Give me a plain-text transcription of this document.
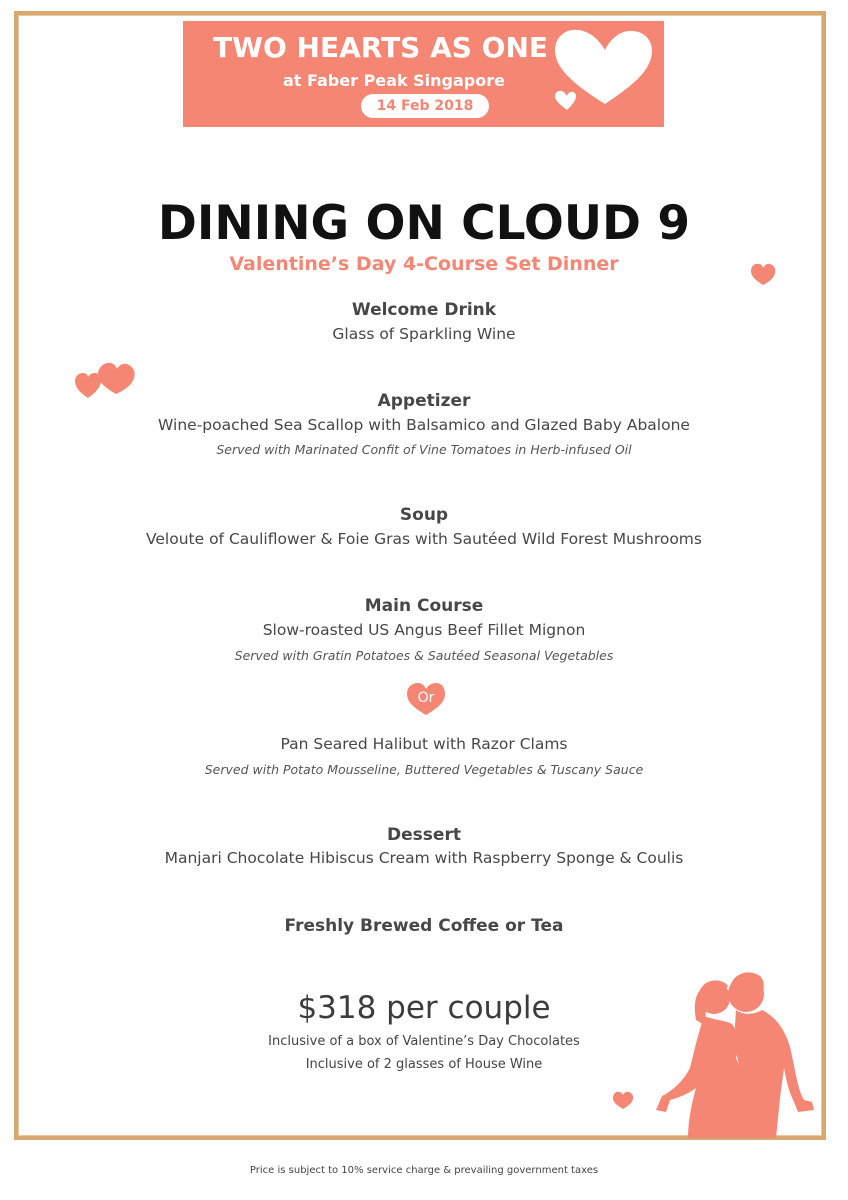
TWO HEARTS AS ONE
at Faber Peak Singapore
14 Feb 2018
DINING ON CLOUD 9
Valentine’s Day 4-Course Set Dinner
Welcome Drink
Glass of Sparkling Wine
Appetizer
Wine-poached Sea Scallop with Balsamico and Glazed Baby Abalone
Served with Marinated Confit of Vine Tomatoes in Herb-infused Oil
Soup
Veloute of Cauliflower & Foie Gras with Sautéed Wild Forest Mushrooms
Main Course
Slow-roasted US Angus Beef Fillet Mignon
Served with Gratin Potatoes & Sautéed Seasonal Vegetables
Or
Pan Seared Halibut with Razor Clams
Served with Potato Mousseline, Buttered Vegetables & Tuscany Sauce
Dessert
Manjari Chocolate Hibiscus Cream with Raspberry Sponge & Coulis
Freshly Brewed Coffee or Tea
$318 per couple
Inclusive of a box of Valentine’s Day Chocolates
Inclusive of 2 glasses of House Wine
Price is subject to 10% service charge & prevailing government taxes
